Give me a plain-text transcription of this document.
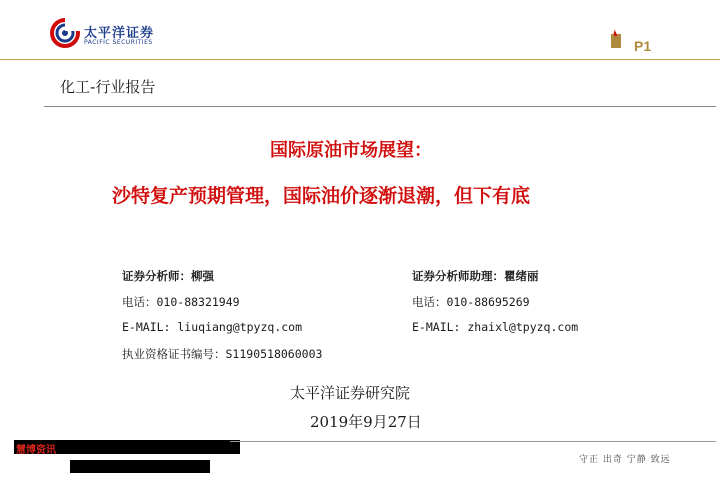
太平洋证券
PACIFIC SECURITIES	P1
化工-行业报告
国际原油市场展望：
沙特复产预期管理，国际油价逐渐退潮，但下有底
证券分析师：柳强
电话：010-88321949
E-MAIL: liuqiang@tpyzq.com
执业资格证书编号：S1190518060003
证券分析师助理：瞿绪丽
电话：010-88695269
E-MAIL: zhaixl@tpyzq.com
太平洋证券研究院
2019年9月27日
慧博资讯
守正 出奇 宁静 致远
